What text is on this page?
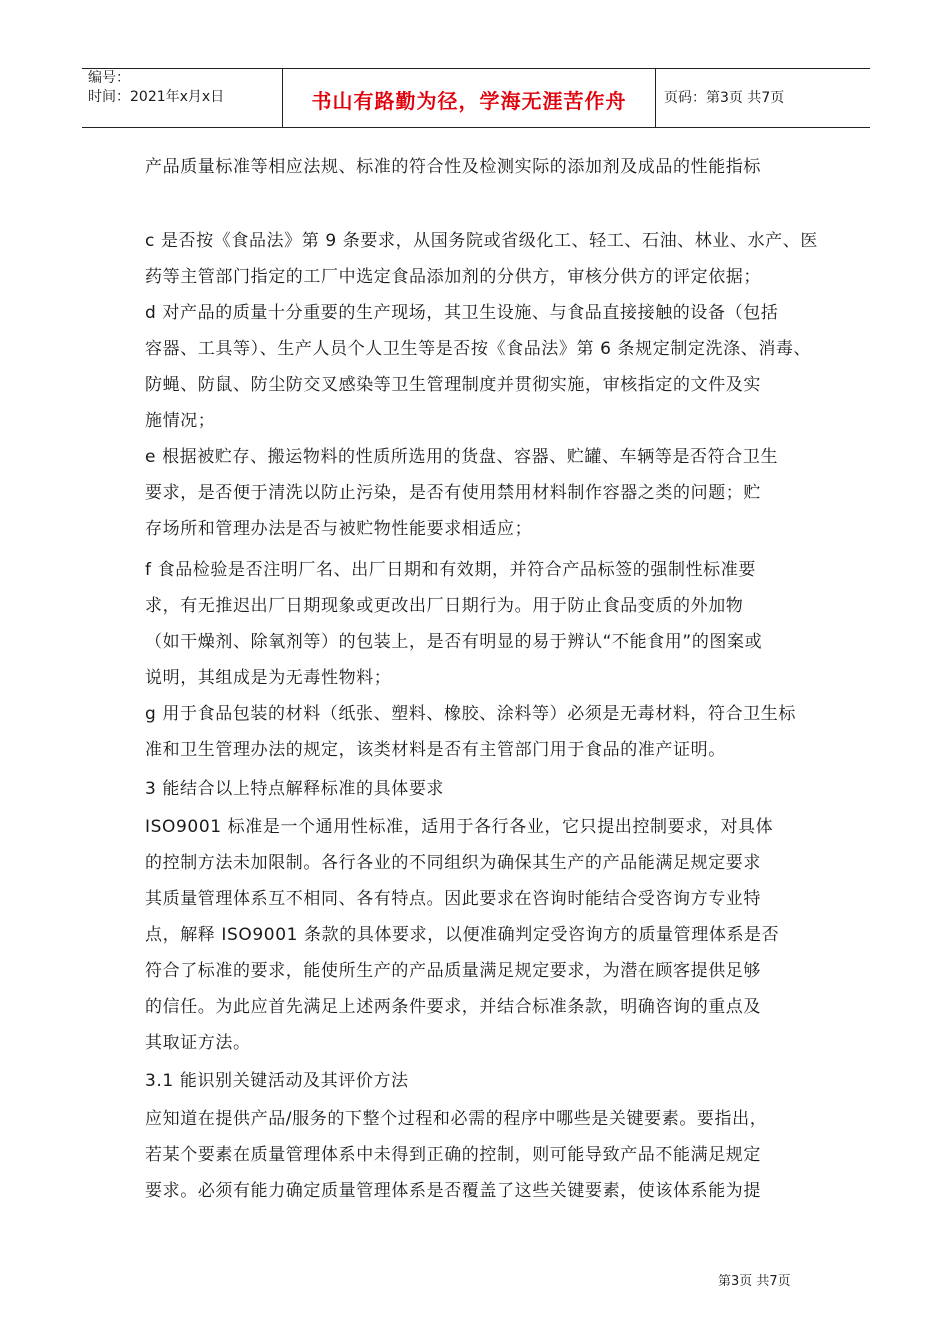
编号：
时间：2021年x月x日	书山有路勤为径，学海无涯苦作舟	页码：第3页 共7页
产品质量标准等相应法规、标准的符合性及检测实际的添加剂及成品的性能指标
c 是否按《食品法》第 9 条要求，从国务院或省级化工、轻工、石油、林业、水产、医
药等主管部门指定的工厂中选定食品添加剂的分供方，审核分供方的评定依据；
d 对产品的质量十分重要的生产现场，其卫生设施、与食品直接接触的设备（包括
容器、工具等）、生产人员个人卫生等是否按《食品法》第 6 条规定制定洗涤、消毒、
防蝇、防鼠、防尘防交叉感染等卫生管理制度并贯彻实施，审核指定的文件及实
施情况；
e 根据被贮存、搬运物料的性质所选用的货盘、容器、贮罐、车辆等是否符合卫生
要求，是否便于清洗以防止污染，是否有使用禁用材料制作容器之类的问题；贮
存场所和管理办法是否与被贮物性能要求相适应；
f 食品检验是否注明厂名、出厂日期和有效期，并符合产品标签的强制性标准要
求，有无推迟出厂日期现象或更改出厂日期行为。用于防止食品变质的外加物
（如干燥剂、除氧剂等）的包装上，是否有明显的易于辨认“不能食用”的图案或
说明，其组成是为无毒性物料；
g 用于食品包装的材料（纸张、塑料、橡胶、涂料等）必须是无毒材料，符合卫生标
准和卫生管理办法的规定，该类材料是否有主管部门用于食品的准产证明。
3 能结合以上特点解释标准的具体要求
ISO9001 标准是一个通用性标准，适用于各行各业，它只提出控制要求，对具体
的控制方法未加限制。各行各业的不同组织为确保其生产的产品能满足规定要求
其质量管理体系互不相同、各有特点。因此要求在咨询时能结合受咨询方专业特
点，解释 ISO9001 条款的具体要求，以便准确判定受咨询方的质量管理体系是否
符合了标准的要求，能使所生产的产品质量满足规定要求，为潜在顾客提供足够
的信任。为此应首先满足上述两条件要求，并结合标准条款，明确咨询的重点及
其取证方法。
3.1 能识别关键活动及其评价方法
应知道在提供产品/服务的下整个过程和必需的程序中哪些是关键要素。要指出，
若某个要素在质量管理体系中未得到正确的控制，则可能导致产品不能满足规定
要求。必须有能力确定质量管理体系是否覆盖了这些关键要素，使该体系能为提
第3页 共7页
